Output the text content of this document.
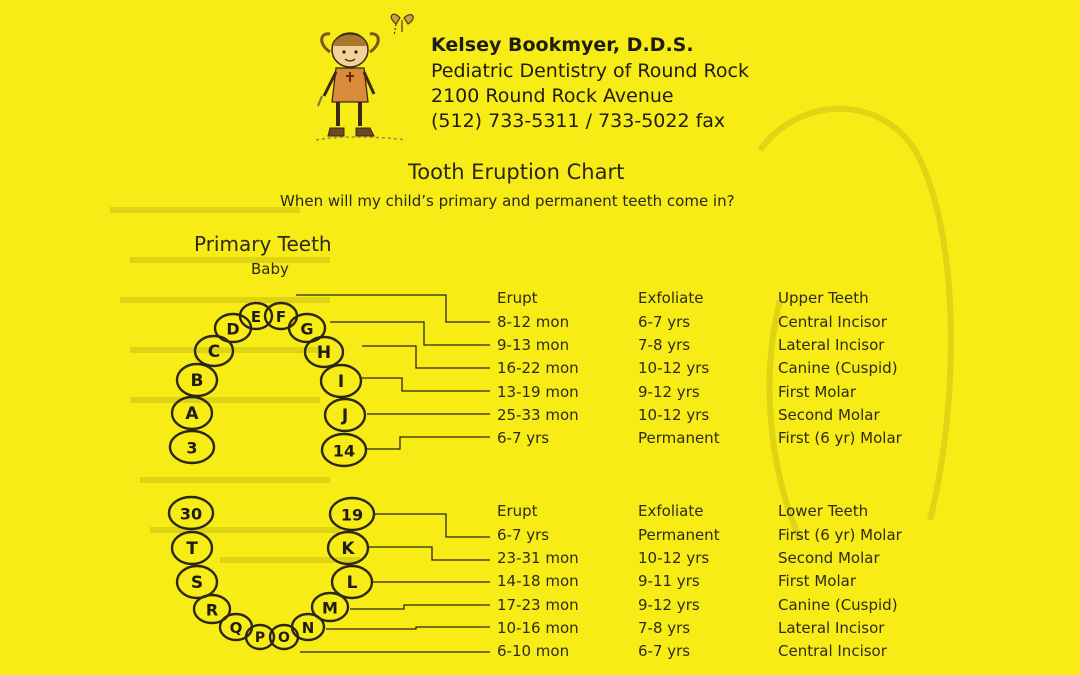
Kelsey Bookmyer, D.D.S.
Pediatric Dentistry of Round Rock
2100 Round Rock Avenue
(512) 733-5311 / 733-5022 fax
Tooth Eruption Chart
When will my child’s primary and permanent teeth come in?
Primary Teeth
Baby
3
A
B
C
D
E F
G
H
I
J
14
30
T
S
R
Q
P
19
K
L
M
N
O
Erupt	Exfoliate	Upper Teeth
8-12 mon	6-7 yrs	Central Incisor
9-13 mon	7-8 yrs	Lateral Incisor
16-22 mon	10-12 yrs	Canine (Cuspid)
13-19 mon	9-12 yrs	First Molar
25-33 mon	10-12 yrs	Second Molar
6-7 yrs	Permanent	First (6 yr) Molar
Erupt	Exfoliate	Lower Teeth
6-7 yrs	Permanent	First (6 yr) Molar
23-31 mon	10-12 yrs	Second Molar
14-18 mon	9-11 yrs	First Molar
17-23 mon	9-12 yrs	Canine (Cuspid)
10-16 mon	7-8 yrs	Lateral Incisor
6-10 mon	6-7 yrs	Central Incisor
